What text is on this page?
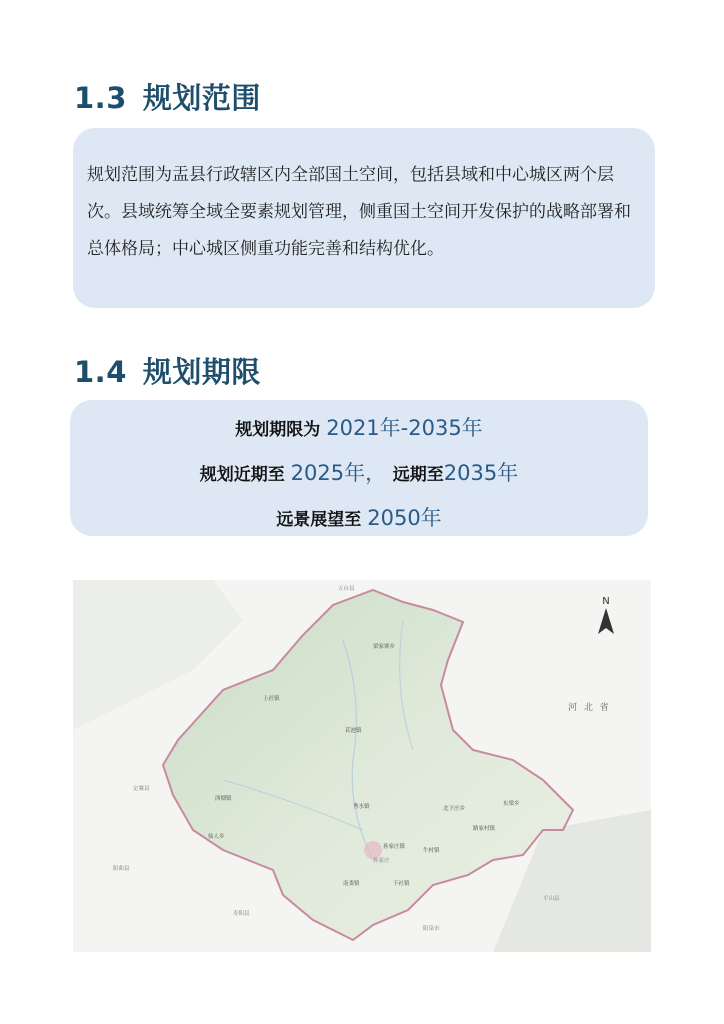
1.3 规划范围

规划范围为盂县行政辖区内全部国土空间，包括县域和中心城区两个层次。县域统筹全域全要素规划管理，侧重国土空间开发保护的战略部署和总体格局；中心城区侧重功能完善和结构优化。

1.4 规划期限
规划期限为 2021年-2035年
规划近期至 2025年， 远期至2035年
远景展望至 2050年
N
河 北 省
梁家寨乡
苌池镇
上社镇
西烟镇
仙人乡
北下庄乡
路家村镇
秀水镇
孙家庄镇
牛村镇
下社镇
南娄镇
东梁乡
五台县
定襄县
平山县
阳泉市
寿阳县
阳曲县
孙家庄
